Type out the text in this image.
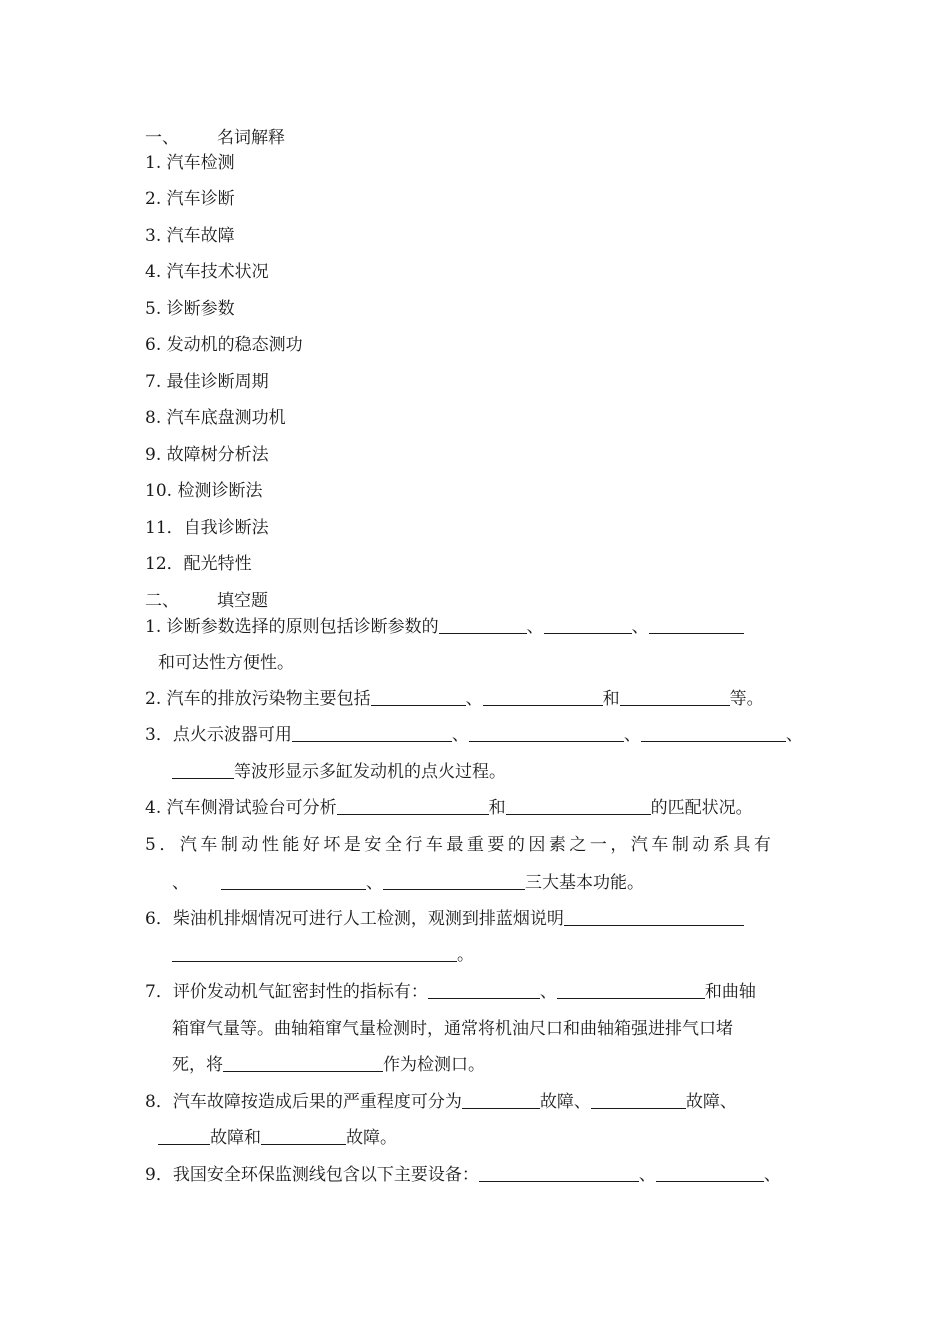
一、 名词解释
1. 汽车检测
2. 汽车诊断
3. 汽车故障
4. 汽车技术状况
5. 诊断参数
6. 发动机的稳态测功
7. 最佳诊断周期
8. 汽车底盘测功机
9. 故障树分析法
10. 检测诊断法
11．自我诊断法
12．配光特性
二、 填空题
1. 诊断参数选择的原则包括诊断参数的	、	、
和可达性方便性。
2. 汽车的排放污染物主要包括	、	和	等。
3．点火示波器可用	、	、	、
等波形显示多缸发动机的点火过程。
4. 汽车侧滑试验台可分析	和	的匹配状况。
5．汽车制动性能好坏是安全行车最重要的因素之一，汽车制动系具有
、	、	三大基本功能。
6．柴油机排烟情况可进行人工检测，观测到排蓝烟说明
。
7．评价发动机气缸密封性的指标有：	、	和曲轴
箱窜气量等。曲轴箱窜气量检测时，通常将机油尺口和曲轴箱强进排气口堵
死，将	作为检测口。
8．汽车故障按造成后果的严重程度可分为	故障、	故障、
故障和	故障。
9．我国安全环保监测线包含以下主要设备：	、	、
